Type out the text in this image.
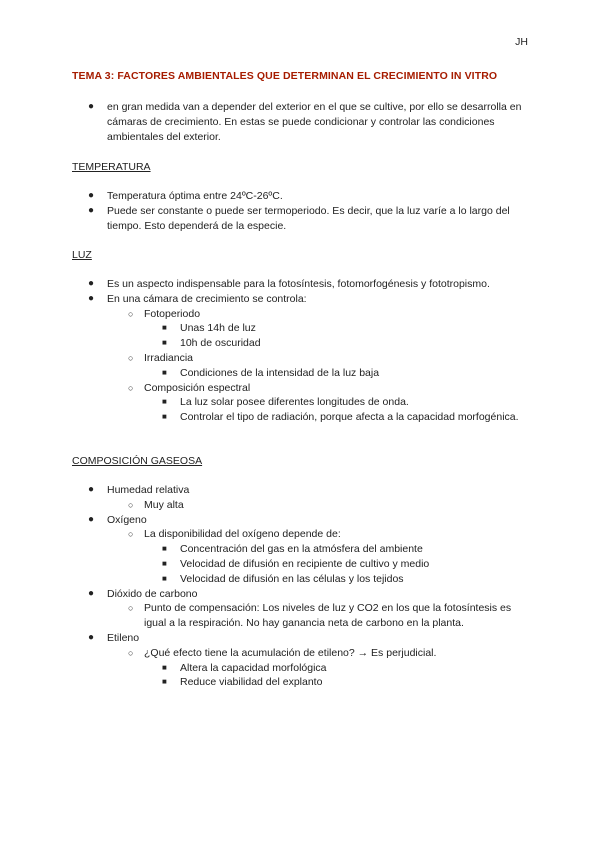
JH
TEMA 3: FACTORES AMBIENTALES QUE DETERMINAN EL CRECIMIENTO IN VITRO
● en gran medida van a depender del exterior en el que se cultive, por ello se desarrolla en cámaras de crecimiento. En estas se puede condicionar y controlar las condiciones ambientales del exterior.
TEMPERATURA
● Temperatura óptima entre 24ºC-26ºC.
● Puede ser constante o puede ser termoperiodo. Es decir, que la luz varíe a lo largo del tiempo. Esto dependerá de la especie.
LUZ
● Es un aspecto indispensable para la fotosíntesis, fotomorfogénesis y fototropismo.
● En una cámara de crecimiento se controla:
○ Fotoperiodo
■ Unas 14h de luz
■ 10h de oscuridad
○ Irradiancia
■ Condiciones de la intensidad de la luz baja
○ Composición espectral
■ La luz solar posee diferentes longitudes de onda.
■ Controlar el tipo de radiación, porque afecta a la capacidad morfogénica.
COMPOSICIÓN GASEOSA
● Humedad relativa
○ Muy alta
● Oxígeno
○ La disponibilidad del oxígeno depende de:
■ Concentración del gas en la atmósfera del ambiente
■ Velocidad de difusión en recipiente de cultivo y medio
■ Velocidad de difusión en las células y los tejidos
● Dióxido de carbono
○ Punto de compensación: Los niveles de luz y CO2 en los que la fotosíntesis es igual a la respiración. No hay ganancia neta de carbono en la planta.
● Etileno
○ ¿Qué efecto tiene la acumulación de etileno? → Es perjudicial.
■ Altera la capacidad morfológica
■ Reduce viabilidad del explanto
